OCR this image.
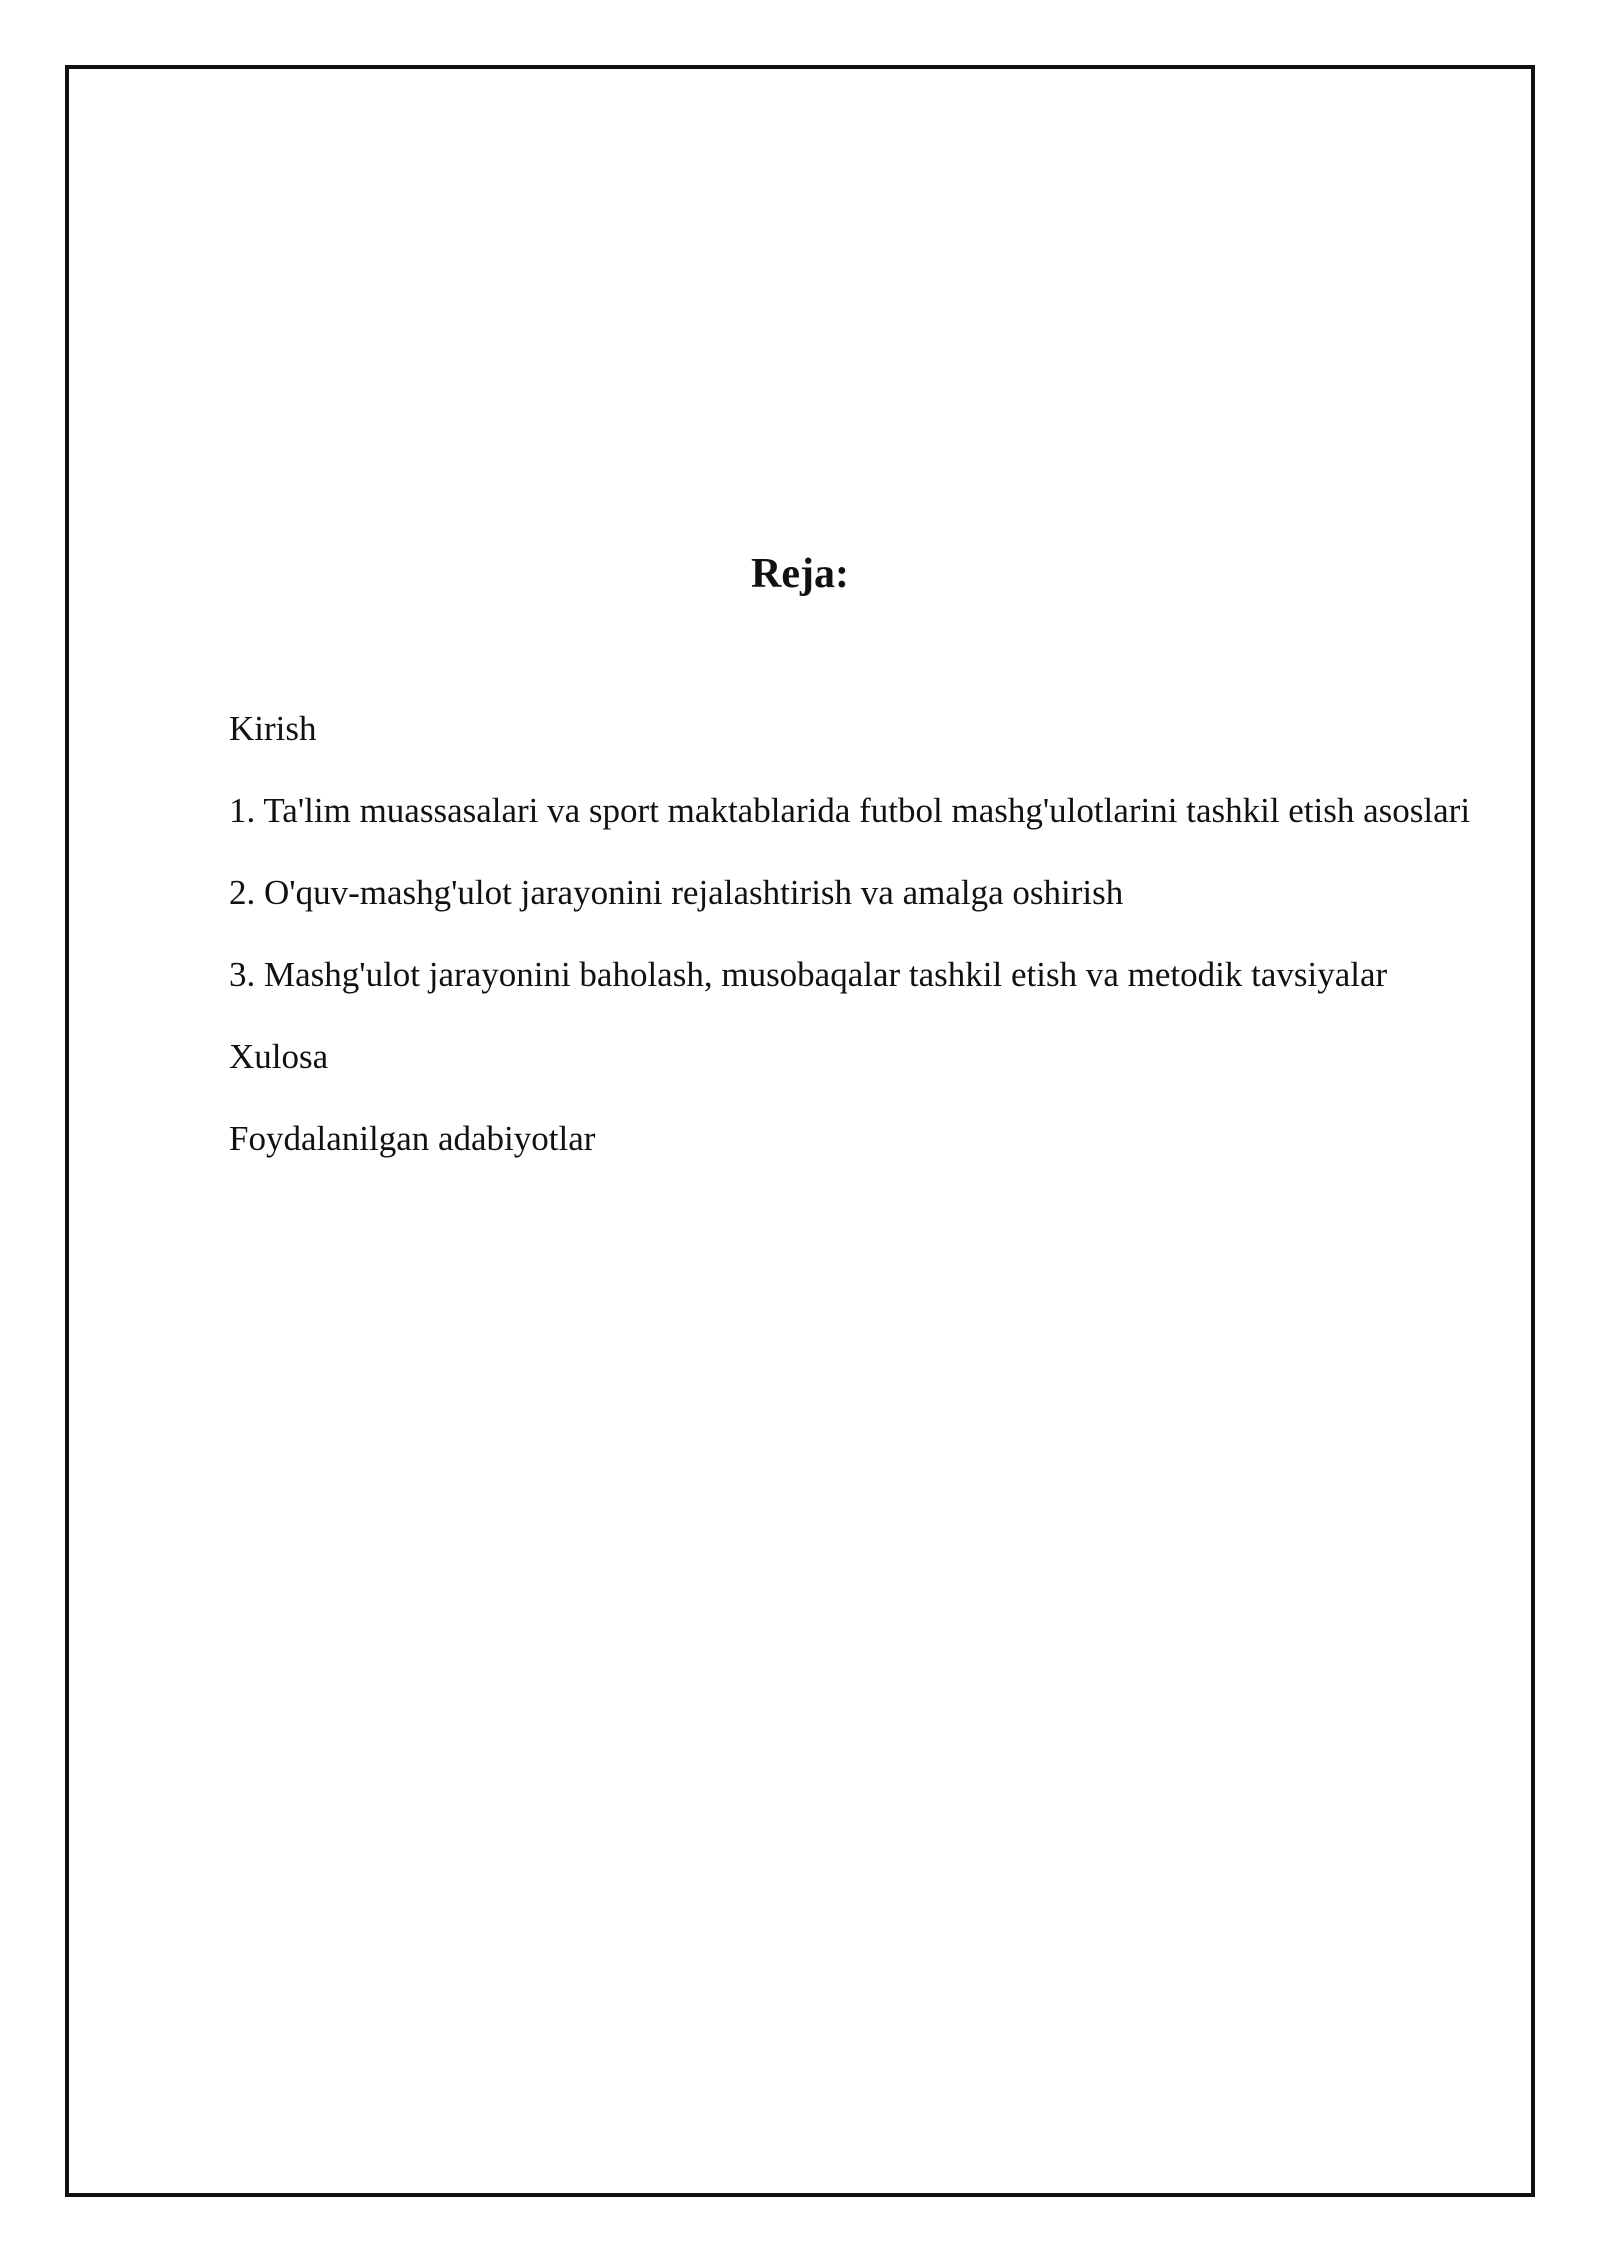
Reja:
Kirish
1. Ta'lim muassasalari va sport maktablarida futbol mashg'ulotlarini tashkil etish asoslari
2. O'quv-mashg'ulot jarayonini rejalashtirish va amalga oshirish
3. Mashg'ulot jarayonini baholash, musobaqalar tashkil etish va metodik tavsiyalar
Xulosa
Foydalanilgan adabiyotlar
